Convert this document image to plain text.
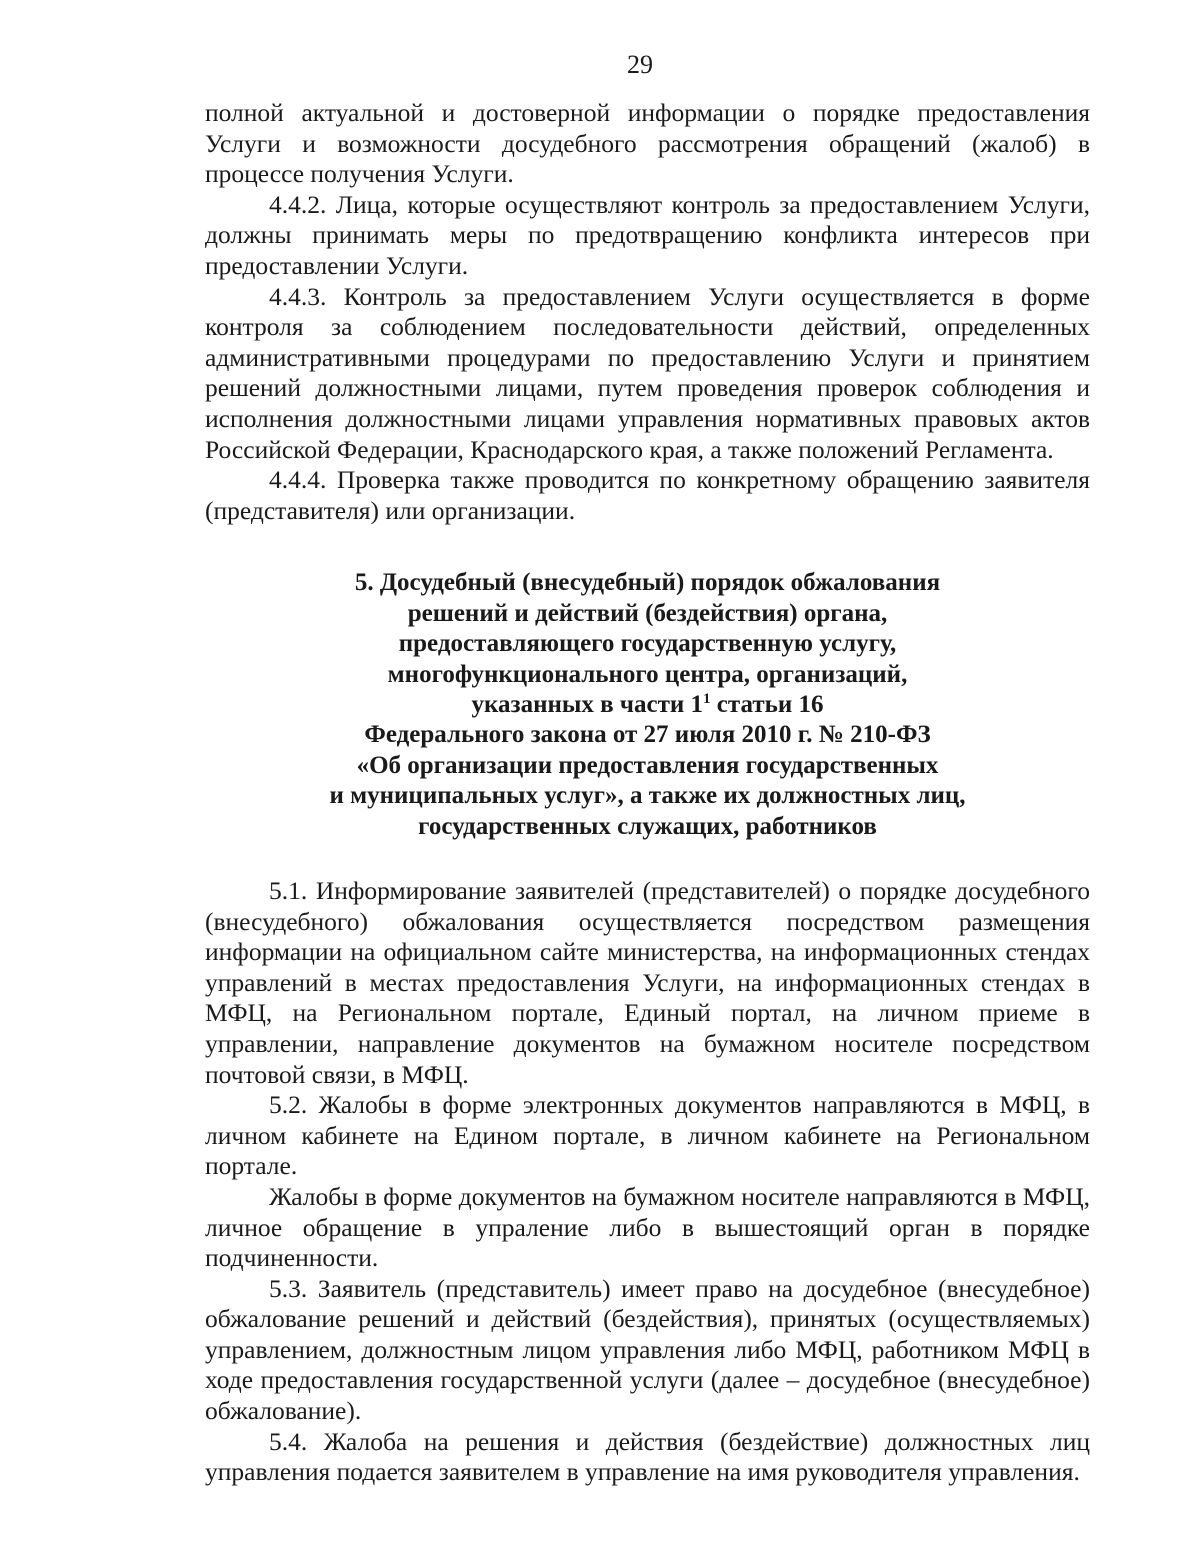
29

полной актуальной и достоверной информации о порядке предоставления Услуги и возможности досудебного рассмотрения обращений (жалоб) в процессе получения Услуги.

4.4.2. Лица, которые осуществляют контроль за предоставлением Услуги, должны принимать меры по предотвращению конфликта интересов при предоставлении Услуги.

4.4.3. Контроль за предоставлением Услуги осуществляется в форме контроля за соблюдением последовательности действий, определенных административными процедурами по предоставлению Услуги и принятием решений должностными лицами, путем проведения проверок соблюдения и исполнения должностными лицами управления нормативных правовых актов Российской Федерации, Краснодарского края, а также положений Регламента.

4.4.4. Проверка также проводится по конкретному обращению заявителя (представителя) или организации.

5. Досудебный (внесудебный) порядок обжалования
решений и действий (бездействия) органа,
предоставляющего государственную услугу,
многофункционального центра, организаций,
указанных в части $1^1$ статьи 16
Федерального закона от 27 июля 2010 г. № 210-ФЗ
«Об организации предоставления государственных
и муниципальных услуг», а также их должностных лиц,
государственных служащих, работников

5.1. Информирование заявителей (представителей) о порядке досудебного (внесудебного) обжалования осуществляется посредством размещения информации на официальном сайте министерства, на информационных стендах управлений в местах предоставления Услуги, на информационных стендах в МФЦ, на Региональном портале, Единый портал, на личном приеме в управлении, направление документов на бумажном носителе посредством почтовой связи, в МФЦ.

5.2. Жалобы в форме электронных документов направляются в МФЦ, в личном кабинете на Едином портале, в личном кабинете на Региональном портале.

Жалобы в форме документов на бумажном носителе направляются в МФЦ, личное обращение в упраление либо в вышестоящий орган в порядке подчиненности.

5.3. Заявитель (представитель) имеет право на досудебное (внесудебное) обжалование решений и действий (бездействия), принятых (осуществляемых) управлением, должностным лицом управления либо МФЦ, работником МФЦ в ходе предоставления государственной услуги (далее – досудебное (внесудебное) обжалование).

5.4. Жалоба на решения и действия (бездействие) должностных лиц управления подается заявителем в управление на имя руководителя управления.
